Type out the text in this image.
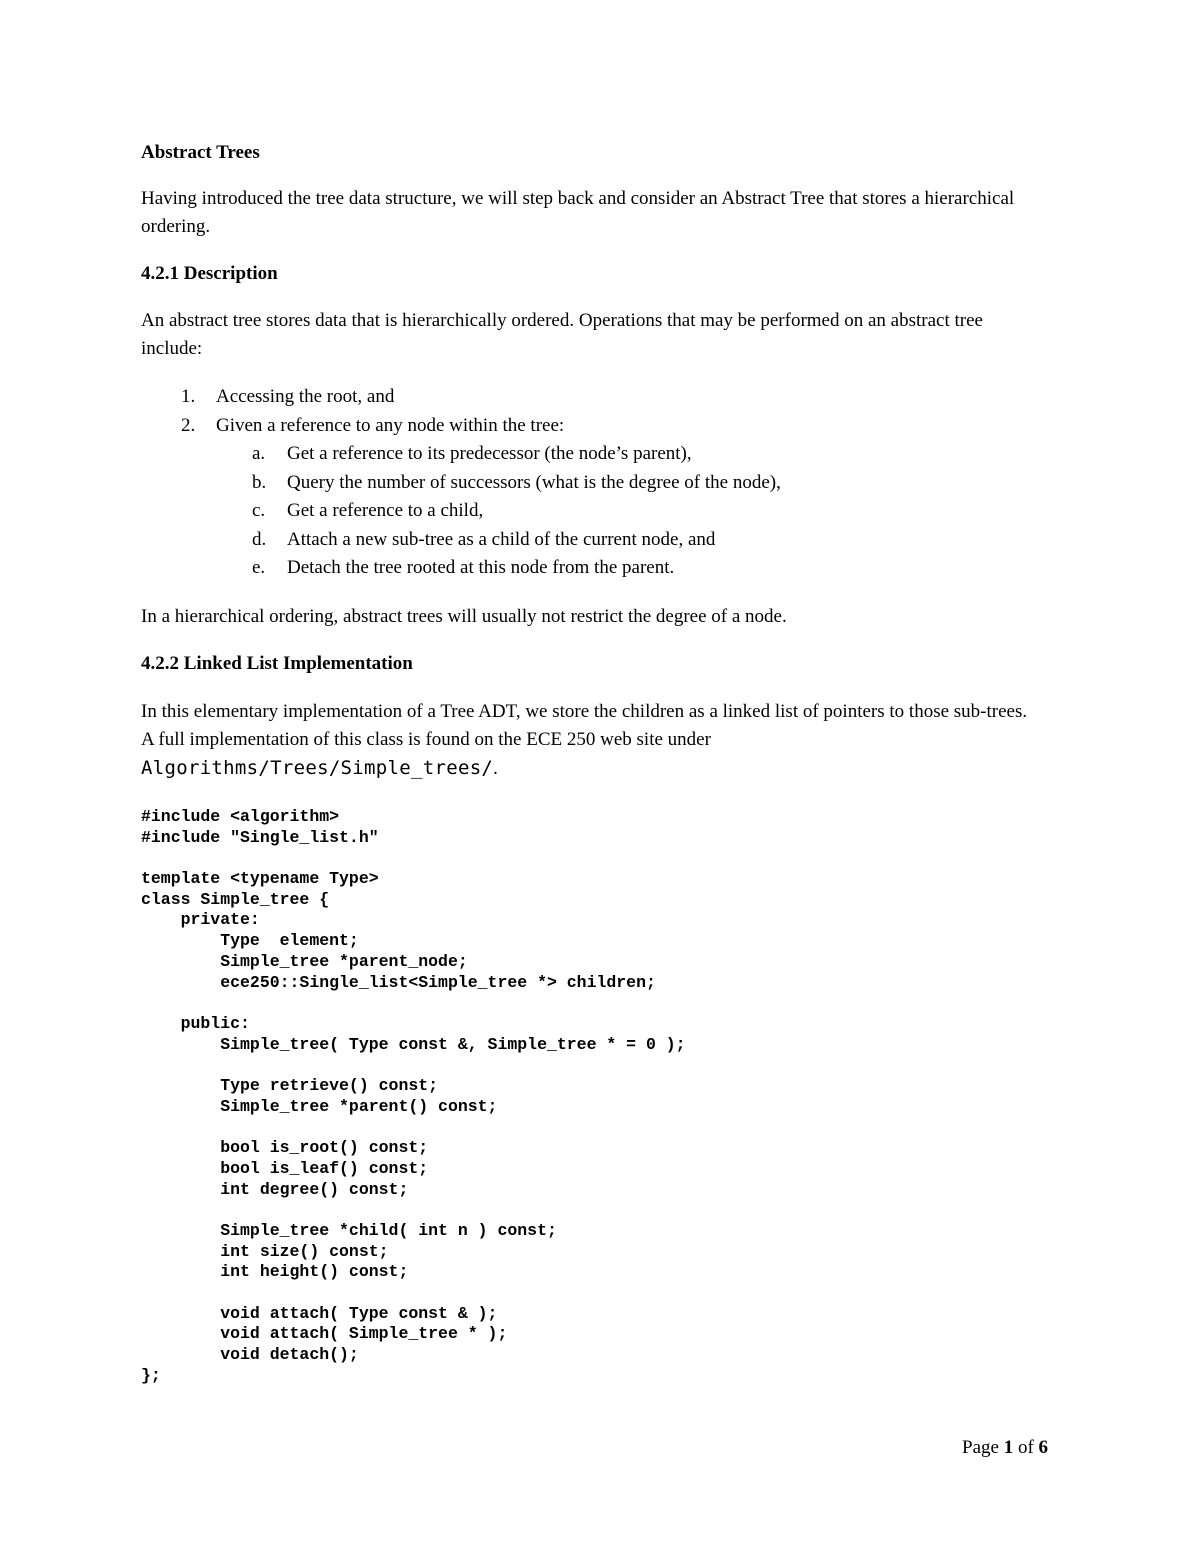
Abstract Trees

Having introduced the tree data structure, we will step back and consider an Abstract Tree that stores a hierarchical ordering.

4.2.1 Description

An abstract tree stores data that is hierarchically ordered. Operations that may be performed on an abstract tree include:

1. Accessing the root, and
2. Given a reference to any node within the tree:
a. Get a reference to its predecessor (the node’s parent),
b. Query the number of successors (what is the degree of the node),
c. Get a reference to a child,
d. Attach a new sub-tree as a child of the current node, and
e. Detach the tree rooted at this node from the parent.

In a hierarchical ordering, abstract trees will usually not restrict the degree of a node.

4.2.2 Linked List Implementation

In this elementary implementation of a Tree ADT, we store the children as a linked list of pointers to those sub-trees. A full implementation of this class is found on the ECE 250 web site under Algorithms/Trees/Simple_trees/.

#include <algorithm>
#include "Single_list.h"
template <typename Type>
class Simple_tree {
private:
Type  element;
Simple_tree *parent_node;
ece250::Single_list<Simple_tree *> children;
public:
Simple_tree( Type const &, Simple_tree * = 0 );
Type retrieve() const;
Simple_tree *parent() const;
bool is_root() const;
bool is_leaf() const;
int degree() const;
Simple_tree *child( int n ) const;
int size() const;
int height() const;
void attach( Type const & );
void attach( Simple_tree * );
void detach();
};
Page 1 of 6
